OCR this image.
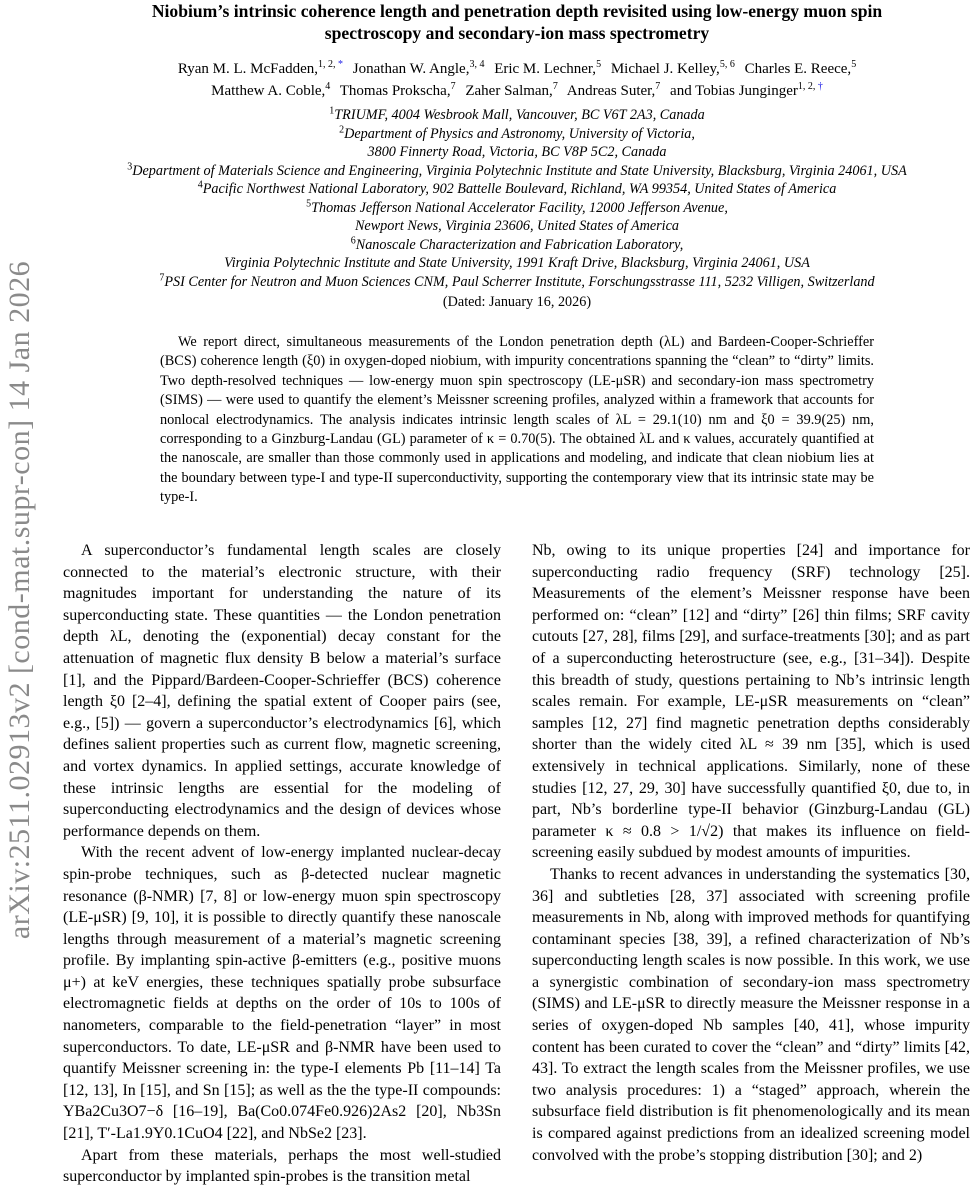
arXiv:2511.02913v2 [cond-mat.supr-con] 14 Jan 2026
Niobium’s intrinsic coherence length and penetration depth revisited using low-energy muon spin
spectroscopy and secondary-ion mass spectrometry
Ryan M. L. McFadden,$^{1, 2,}$ * Jonathan W. Angle,$^{3, 4}$ Eric M. Lechner,$^5$ Michael J. Kelley,$^{5, 6}$ Charles E. Reece,$^5$
Matthew A. Coble,$^4$ Thomas Prokscha,$^7$ Zaher Salman,$^7$ Andreas Suter,$^7$ and Tobias Junginger$^{1, 2,}$ †
$^1$TRIUMF, 4004 Wesbrook Mall, Vancouver, BC V6T 2A3, Canada
$^2$Department of Physics and Astronomy, University of Victoria,
3800 Finnerty Road, Victoria, BC V8P 5C2, Canada
$^3$Department of Materials Science and Engineering, Virginia Polytechnic Institute and State University, Blacksburg, Virginia 24061, USA
$^4$Pacific Northwest National Laboratory, 902 Battelle Boulevard, Richland, WA 99354, United States of America
$^5$Thomas Jefferson National Accelerator Facility, 12000 Jefferson Avenue,
Newport News, Virginia 23606, United States of America
$^6$Nanoscale Characterization and Fabrication Laboratory,
Virginia Polytechnic Institute and State University, 1991 Kraft Drive, Blacksburg, Virginia 24061, USA
$^7$PSI Center for Neutron and Muon Sciences CNM, Paul Scherrer Institute, Forschungsstrasse 111, 5232 Villigen, Switzerland
(Dated: January 16, 2026)

We report direct, simultaneous measurements of the London penetration depth (λL) and Bardeen-Cooper-Schrieffer (BCS) coherence length (ξ0) in oxygen-doped niobium, with impurity concentrations spanning the “clean” to “dirty” limits. Two depth-resolved techniques — low-energy muon spin spectroscopy (LE-μSR) and secondary-ion mass spectrometry (SIMS) — were used to quantify the element’s Meissner screening profiles, analyzed within a framework that accounts for nonlocal electrodynamics. The analysis indicates intrinsic length scales of λL = 29.1(10) nm and ξ0 = 39.9(25) nm, corresponding to a Ginzburg-Landau (GL) parameter of κ = 0.70(5). The obtained λL and κ values, accurately quantified at the nanoscale, are smaller than those commonly used in applications and modeling, and indicate that clean niobium lies at the boundary between type-I and type-II superconductivity, supporting the contemporary view that its intrinsic state may be type-I.

A superconductor’s fundamental length scales are closely connected to the material’s electronic structure, with their magnitudes important for understanding the nature of its superconducting state. These quantities — the London penetration depth λL, denoting the (exponential) decay constant for the attenuation of magnetic flux density B below a material’s surface [1], and the Pippard/Bardeen-Cooper-Schrieffer (BCS) coherence length ξ0 [2–4], defining the spatial extent of Cooper pairs (see, e.g., [5]) — govern a superconductor’s electrodynamics [6], which defines salient properties such as current flow, magnetic screening, and vortex dynamics. In applied settings, accurate knowledge of these intrinsic lengths are essential for the modeling of superconducting electrodynamics and the design of devices whose performance depends on them.

With the recent advent of low-energy implanted nuclear-decay spin-probe techniques, such as β-detected nuclear magnetic resonance (β-NMR) [7, 8] or low-energy muon spin spectroscopy (LE-μSR) [9, 10], it is possible to directly quantify these nanoscale lengths through measurement of a material’s magnetic screening profile. By implanting spin-active β-emitters (e.g., positive muons μ+) at keV energies, these techniques spatially probe subsurface electromagnetic fields at depths on the order of 10s to 100s of nanometers, comparable to the field-penetration “layer” in most superconductors. To date, LE-μSR and β-NMR have been used to quantify Meissner screening in: the type-I elements Pb [11–14] Ta [12, 13], In [15], and Sn [15]; as well as the the type-II compounds: YBa2Cu3O7−δ [16–19], Ba(Co0.074Fe0.926)2As2 [20], Nb3Sn [21], T′-La1.9Y0.1CuO4 [22], and NbSe2 [23].

Apart from these materials, perhaps the most well-studied superconductor by implanted spin-probes is the transition metal

Nb, owing to its unique properties [24] and importance for superconducting radio frequency (SRF) technology [25]. Measurements of the element’s Meissner response have been performed on: “clean” [12] and “dirty” [26] thin films; SRF cavity cutouts [27, 28], films [29], and surface-treatments [30]; and as part of a superconducting heterostructure (see, e.g., [31–34]). Despite this breadth of study, questions pertaining to Nb’s intrinsic length scales remain. For example, LE-μSR measurements on “clean” samples [12, 27] find magnetic penetration depths considerably shorter than the widely cited λL ≈ 39 nm [35], which is used extensively in technical applications. Similarly, none of these studies [12, 27, 29, 30] have successfully quantified ξ0, due to, in part, Nb’s borderline type-II behavior (Ginzburg-Landau (GL) parameter κ ≈ 0.8 > 1/√2) that makes its influence on field-screening easily subdued by modest amounts of impurities.

Thanks to recent advances in understanding the systematics [30, 36] and subtleties [28, 37] associated with screening profile measurements in Nb, along with improved methods for quantifying contaminant species [38, 39], a refined characterization of Nb’s superconducting length scales is now possible. In this work, we use a synergistic combination of secondary-ion mass spectrometry (SIMS) and LE-μSR to directly measure the Meissner response in a series of oxygen-doped Nb samples [40, 41], whose impurity content has been curated to cover the “clean” and “dirty” limits [42, 43]. To extract the length scales from the Meissner profiles, we use two analysis procedures: 1) a “staged” approach, wherein the subsurface field distribution is fit phenomenologically and its mean is compared against predictions from an idealized screening model convolved with the probe’s stopping distribution [30]; and 2)
